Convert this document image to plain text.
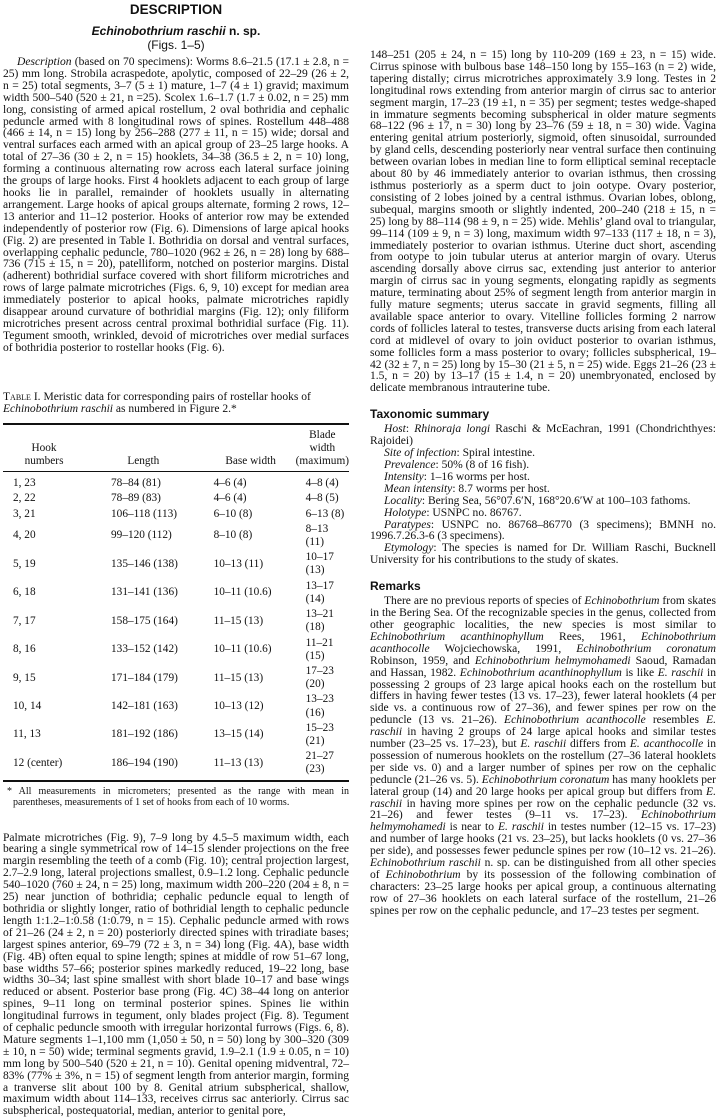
DESCRIPTION
Echinobothrium raschii n. sp.
(Figs. 1–5)

Description (based on 70 specimens): Worms 8.6–21.5 (17.1 ± 2.8, n = 25) mm long. Strobila acraspedote, apolytic, composed of 22–29 (26 ± 2, n = 25) total segments, 3–7 (5 ± 1) mature, 1–7 (4 ± 1) gravid; maximum width 500–540 (520 ± 21, n =25). Scolex 1.6–1.7 (1.7 ± 0.02, n = 25) mm long, consisting of armed apical rostellum, 2 oval bothridia and cephalic peduncle armed with 8 longitudinal rows of spines. Rostellum 448–488 (466 ± 14, n = 15) long by 256–288 (277 ± 11, n = 15) wide; dorsal and ventral surfaces each armed with an apical group of 23–25 large hooks. A total of 27–36 (30 ± 2, n = 15) hooklets, 34–38 (36.5 ± 2, n = 10) long, forming a continuous alternating row across each lateral surface joining the groups of large hooks. First 4 hooklets adjacent to each group of large hooks lie in parallel, remainder of hooklets usually in alternating arrangement. Large hooks of apical groups alternate, forming 2 rows, 12–13 anterior and 11–12 posterior. Hooks of anterior row may be extended independently of posterior row (Fig. 6). Dimensions of large apical hooks (Fig. 2) are presented in Table I. Bothridia on dorsal and ventral surfaces, overlapping cephalic peduncle, 780–1020 (962 ± 26, n = 28) long by 688–736 (715 ± 15, n = 20), patelliform, notched on posterior margins. Distal (adherent) bothridial surface covered with short filiform microtriches and rows of large palmate microtriches (Figs. 6, 9, 10) except for median area immediately posterior to apical hooks, palmate microtriches rapidly disappear around curvature of bothridial margins (Fig. 12); only filiform microtriches present across central proximal bothridial surface (Fig. 11). Tegument smooth, wrinkled, devoid of microtriches over medial surfaces of bothridia posterior to rostellar hooks (Fig. 6).

Table I. Meristic data for corresponding pairs of rostellar hooks of Echinobothrium raschii as numbered in Figure 2.*
Hook
numbers	Length	Base width	Blade width
(maximum)
1, 23	78–84 (81)	4–6 (4)	4–8 (4)
2, 22	78–89 (83)	4–6 (4)	4–8 (5)
3, 21	106–118 (113)	6–10 (8)	6–13 (8)
4, 20	99–120 (112)	8–10 (8)	8–13 (11)
5, 19	135–146 (138)	10–13 (11)	10–17 (13)
6, 18	131–141 (136)	10–11 (10.6)	13–17 (14)
7, 17	158–175 (164)	11–15 (13)	13–21 (18)
8, 16	133–152 (142)	10–11 (10.6)	11–21 (15)
9, 15	171–184 (179)	11–15 (13)	17–23 (20)
10, 14	142–181 (163)	10–13 (12)	13–23 (16)
11, 13	181–192 (186)	13–15 (14)	15–23 (21)
12 (center)	186–194 (190)	11–13 (13)	21–27 (23)
* All measurements in micrometers; presented as the range with mean in parentheses, measurements of 1 set of hooks from each of 10 worms.

Palmate microtriches (Fig. 9), 7–9 long by 4.5–5 maximum width, each bearing a single symmetrical row of 14–15 slender projections on the free margin resembling the teeth of a comb (Fig. 10); central projection largest, 2.7–2.9 long, lateral projections smallest, 0.9–1.2 long. Cephalic peduncle 540–1020 (760 ± 24, n = 25) long, maximum width 200–220 (204 ± 8, n = 25) near junction of bothridia; cephalic peduncle equal to length of bothridia or slightly longer, ratio of bothridial length to cephalic peduncle length 1:1.2–1:0.58 (1:0.79, n = 15). Cephalic peduncle armed with rows of 21–26 (24 ± 2, n = 20) posteriorly directed spines with triradiate bases; largest spines anterior, 69–79 (72 ± 3, n = 34) long (Fig. 4A), base width (Fig. 4B) often equal to spine length; spines at middle of row 51–67 long, base widths 57–66; posterior spines markedly reduced, 19–22 long, base widths 30–34; last spine smallest with short blade 10–17 and base wings reduced or absent. Posterior base prong (Fig. 4C) 38–44 long on anterior spines, 9–11 long on terminal posterior spines. Spines lie within longitudinal furrows in tegument, only blades project (Fig. 8). Tegument of cephalic peduncle smooth with irregular horizontal furrows (Figs. 6, 8). Mature segments 1–1,100 mm (1,050 ± 50, n = 50) long by 300–320 (309 ± 10, n = 50) wide; terminal segments gravid, 1.9–2.1 (1.9 ± 0.05, n = 10) mm long by 500–540 (520 ± 21, n = 10). Genital opening midventral, 72–83% (77% ± 3%, n = 15) of segment length from anterior margin, forming a tranverse slit about 100 by 8. Genital atrium subspherical, shallow, maximum width about 114–133, receives cirrus sac anteriorly. Cirrus sac subspherical, postequatorial, median, anterior to genital pore,

148–251 (205 ± 24, n = 15) long by 110-209 (169 ± 23, n = 15) wide. Cirrus spinose with bulbous base 148–150 long by 155–163 (n = 2) wide, tapering distally; cirrus microtriches approximately 3.9 long. Testes in 2 longitudinal rows extending from anterior margin of cirrus sac to anterior segment margin, 17–23 (19 ±1, n = 35) per segment; testes wedge-shaped in immature segments becoming subspherical in older mature segments 68–122 (96 ± 17, n = 30) long by 23–76 (59 ± 18, n = 30) wide. Vagina entering genital atrium posteriorly, sigmoid, often sinusoidal, surrounded by gland cells, descending posteriorly near ventral surface then continuing between ovarian lobes in median line to form elliptical seminal receptacle about 80 by 46 immediately anterior to ovarian isthmus, then crossing isthmus posteriorly as a sperm duct to join ootype. Ovary posterior, consisting of 2 lobes joined by a central isthmus. Ovarian lobes, oblong, subequal, margins smooth or slightly indented, 200–240 (218 ± 15, n = 25) long by 88–114 (98 ± 9, n = 25) wide. Mehlis’ gland oval to triangular, 99–114 (109 ± 9, n = 3) long, maximum width 97–133 (117 ± 18, n = 3), immediately posterior to ovarian isthmus. Uterine duct short, ascending from ootype to join tubular uterus at anterior margin of ovary. Uterus ascending dorsally above cirrus sac, extending just anterior to anterior margin of cirrus sac in young segments, elongating rapidly as segments mature, terminating about 25% of segment length from anterior margin in fully mature segments; uterus saccate in gravid segments, filling all available space anterior to ovary. Vitelline follicles forming 2 narrow cords of follicles lateral to testes, transverse ducts arising from each lateral cord at midlevel of ovary to join oviduct posterior to ovarian isthmus, some follicles form a mass posterior to ovary; follicles subspherical, 19–42 (32 ± 7, n = 25) long by 15–30 (21 ± 5, n = 25) wide. Eggs 21–26 (23 ± 1.5, n = 20) by 13–17 (15 ± 1.4, n = 20) unembryonated, enclosed by delicate membranous intrauterine tube.

Taxonomic summary

Host: Rhinoraja longi Raschi & McEachran, 1991 (Chondrichthyes: Rajoidei)

Site of infection: Spiral intestine.

Prevalence: 50% (8 of 16 fish).

Intensity: 1–16 worms per host.

Mean intensity: 8.7 worms per host.

Locality: Bering Sea, 56°07.6′N, 168°20.6′W at 100–103 fathoms.

Holotype: USNPC no. 86767.

Paratypes: USNPC no. 86768–86770 (3 specimens); BMNH no. 1996.7.26.3-6 (3 specimens).

Etymology: The species is named for Dr. William Raschi, Bucknell University for his contributions to the study of skates.

Remarks

There are no previous reports of species of Echinobothrium from skates in the Bering Sea. Of the recognizable species in the genus, collected from other geographic localities, the new species is most similar to Echinobothrium acanthinophyllum Rees, 1961, Echinobothrium acanthocolle Wojciechowska, 1991, Echinobothrium coronatum Robinson, 1959, and Echinobothrium helmymohamedi Saoud, Ramadan and Hassan, 1982. Echinobothrium acanthinophyllum is like E. raschii in possessing 2 groups of 23 large apical hooks each on the rostellum but differs in having fewer testes (13 vs. 17–23), fewer lateral hooklets (4 per side vs. a continuous row of 27–36), and fewer spines per row on the peduncle (13 vs. 21–26). Echinobothrium acanthocolle resembles E. raschii in having 2 groups of 24 large apical hooks and similar testes number (23–25 vs. 17–23), but E. raschii differs from E. acanthocolle in possession of numerous hooklets on the rostellum (27–36 lateral hooklets per side vs. 0) and a larger number of spines per row on the cephalic peduncle (21–26 vs. 5). Echinobothrium coronatum has many hooklets per lateral group (14) and 20 large hooks per apical group but differs from E. raschii in having more spines per row on the cephalic peduncle (32 vs. 21–26) and fewer testes (9–11 vs. 17–23). Echinobothrium helmymohamedi is near to E. raschii in testes number (12–15 vs. 17–23) and number of large hooks (21 vs. 23–25), but lacks hooklets (0 vs. 27–36 per side), and possesses fewer peduncle spines per row (10–12 vs. 21–26). Echinobothrium raschii n. sp. can be distinguished from all other species of Echinobothrium by its possession of the following combination of characters: 23–25 large hooks per apical group, a continuous alternating row of 27–36 hooklets on each lateral surface of the rostellum, 21–26 spines per row on the cephalic peduncle, and 17–23 testes per segment.
